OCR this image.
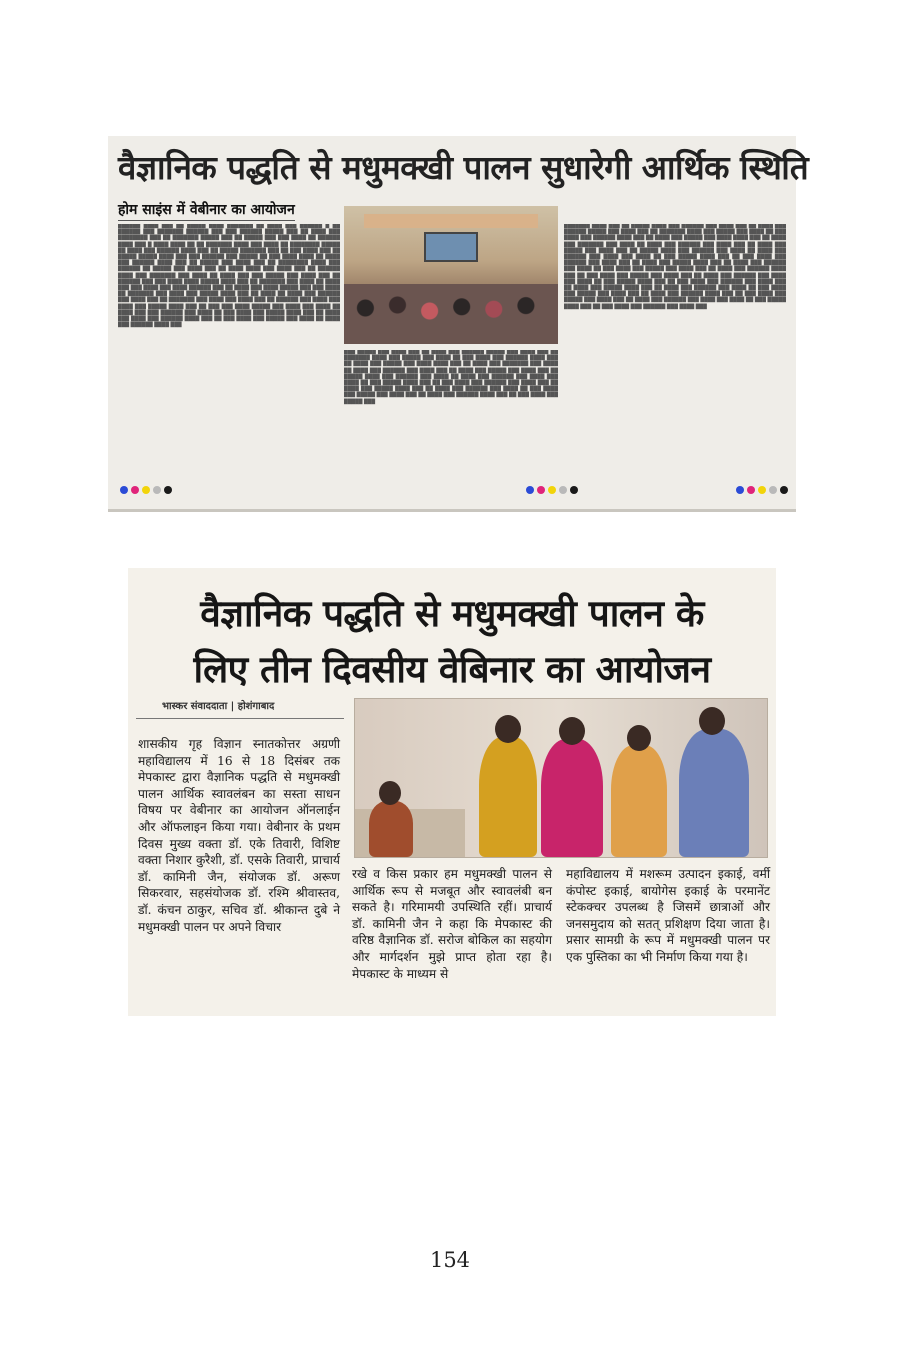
वैज्ञानिक पद्धति से मधुमक्खी पालन सुधारेगी आर्थिक स्थिति
होम साइंस में वेबीनार का आयोजन
██████ ████ ███ ██ █████ ████ ███████ ██ ████ ███ ██████ █ ██ ██████ ███ ███████ ██████ ███ ███ ██████ █████ ███ ██ ████ ███ ████████ ███ ██ ███████ █████ ███ ██ █████ ███ ███ ████ ██ ██████ ████ ███ █ ████ ████ ██ ██ ███████ ████ ███ ████ ██ ████████ █████ ██ ████ ███ ██████ ████ ███ ██ █████ ███████ ███ ██ ███ ████ ███ ██ █████ █████ ████ ███ ███ ██████ ███ █████ ██ ███ ████ ████ ██ ████ ███ ██████ ████ ███ ██ █████ ███ ████ ███ ██ ████████ ████ ███ ██████ ██ █████ ███ ████ ███ ██ ████ ████ ███ ████ ███ ██ ██████ ████ ███ ███████ ███ ████ ██ ████ ███ ███ █████ ███ ████ ███ ██ ██████ ███ ███ ████ ████ █████ ████ ███ ██ ███████ ███ ████ ██ ████ ███ ███ ████ ███ ████ ██████ ███ ██ ████ ███ ████ █████ ███ ███ ████ ██ ███████ ███ ████ ███ █████ ████ ███ ██ ████ ██ ████ ███ ██████ ███ ████ ███ ██ ███████ ███ ████ ███ ████ ███ ██ ██████ ███ ████ ███ ████ ███ █████ ████ ███ ██ ███ ███ ████ █████ ███ ████ ███ ████ ██ ████ ███ ███ ██████ ███ ████ ██ ███ ████ ███ █████ ████ ███ ██ ████ ███ ████ ███ ██████ ████ ███ ██ ███ ████ ███ █████ ███ ████ ██ ████ ███ ██████ ████ ███
███ █████ ███ ████ ███ ██ ████ ███ ██████ █████ ███ ████ ███ ██ ███████ ████ ███ █████ ███ ████ ██ ███ ████ ███ ██████ ████ ███ ██ ████ ███ █████ ███ ████ ████ ███ ██ ████ ███ ███████ ███ ████ ██ ████ ███ ██████ ███ ████ ███ ██ ████ ███ █████ ███ ████ ███ ██ █████ ████ ███ ██████ ███ ████ ██ ████ ███ ██████ ███ ████ ███ ████ ██ ███ █████ ████ ███ ██ ███ ████ ███ ██████ ███ ████ ███ ██ ████ ███ █████ ████ ███ ██ ████ ███ ██████ ███ ████ ██ ███ ████ ███ █████ ███ ████ ███ ██ ████ ███ ██████ ████ ███ ██ ███ ████ ███ █████ ███
███████ ████ ███ ██ █████ ████ ███ ██████ ███ ████ ███ ██ ████ ███ ██████ █████ ███ ████ ███ ██ ███████ ████ ███ █████ ███ ████ ██ ███ ████ ███ ██████ ████ ███ ██ ████ ███ █████ ███ ████ ████ ███ ██ ████ ███ ███████ ███ ████ ██ ████ ███ ██████ ███ ████ ███ ██ ████ ███ █████ ███ ████ ███ ██ █████ ████ ███ ██████ ███ ████ ██ ████ ███ ██████ ███ ████ ███ ████ ██ ███ █████ ████ ███ ██ ███ ████ ███ ██████ ███ ████ ███ ██ ████ ███ █████ ████ ███ ██ ████ ███ ██████ ███ ████ ██ ███ ████ ███ █████ ███ ████ ███ ██ ████ ███ ██████ ████ ███ ██ ███ ████ ███ █████ ███ ████ ███ ██ ████ ███ ██████ ███ ████ ███ ████ ██ ███ █████ ████ ███ ██ ███ ████ ███ ██████ ███ ████ ███ ██ ████ ███ █████ ████ ███ ██ ████ ███ ██████ ███ ████ ██ ███ ████ ███ █████ ███ ████ ███ ██ ████ ███ ██████ ████ ███ ██ ███ ████ ███ █████ ███ ████ ███ ██ ████ ███ ██████ ███ ████ ███ ████ ██ ███ █████ ████ ███ ██ ███ ████ ███ ██████ ███ ████ ███
वैज्ञानिक पद्धति से मधुमक्खी पालन के
लिए तीन दिवसीय वेबिनार का आयोजन
भास्कर संवाददाता | होशंगाबाद
शासकीय गृह विज्ञान स्नातकोत्तर अग्रणी महाविद्यालय में 16 से 18 दिसंबर तक मेपकास्ट द्वारा वैज्ञानिक पद्धति से मधुमक्खी पालन आर्थिक स्वावलंबन का सस्ता साधन विषय पर वेबीनार का आयोजन ऑनलाईन और ऑफलाइन किया गया। वेबीनार के प्रथम दिवस मुख्य वक्ता डॉ. एके तिवारी, विशिष्ट वक्ता निशार कुरैशी, डॉ. एसके तिवारी, प्राचार्य डॉ. कामिनी जैन, संयोजक डॉ. अरूण सिकरवार, सहसंयोजक डॉ. रश्मि श्रीवास्तव, डॉ. कंचन ठाकुर, सचिव डॉ. श्रीकान्त दुबे ने मधुमक्खी पालन पर अपने विचार
रखे व किस प्रकार हम मधुमक्खी पालन से आर्थिक रूप से मजबूत और स्वावलंबी बन सकते है। गरिमामयी उपस्थिति रहीं। प्राचार्य डॉ. कामिनी जैन ने कहा कि मेपकास्ट की वरिष्ठ वैज्ञानिक डॉ. सरोज बोकिल का सहयोग और मार्गदर्शन मुझे प्राप्त होता रहा है। मेपकास्ट के माध्यम से
महाविद्यालय में मशरूम उत्पादन इकाई, वर्मी कंपोस्ट इकाई, बायोगेस इकाई के परमानेंट स्टेकक्चर उपलब्ध है जिसमें छात्राओं और जनसमुदाय को सतत् प्रशिक्षण दिया जाता है। प्रसार सामग्री के रूप में मधुमक्खी पालन पर एक पुस्तिका का भी निर्माण किया गया है।
154
